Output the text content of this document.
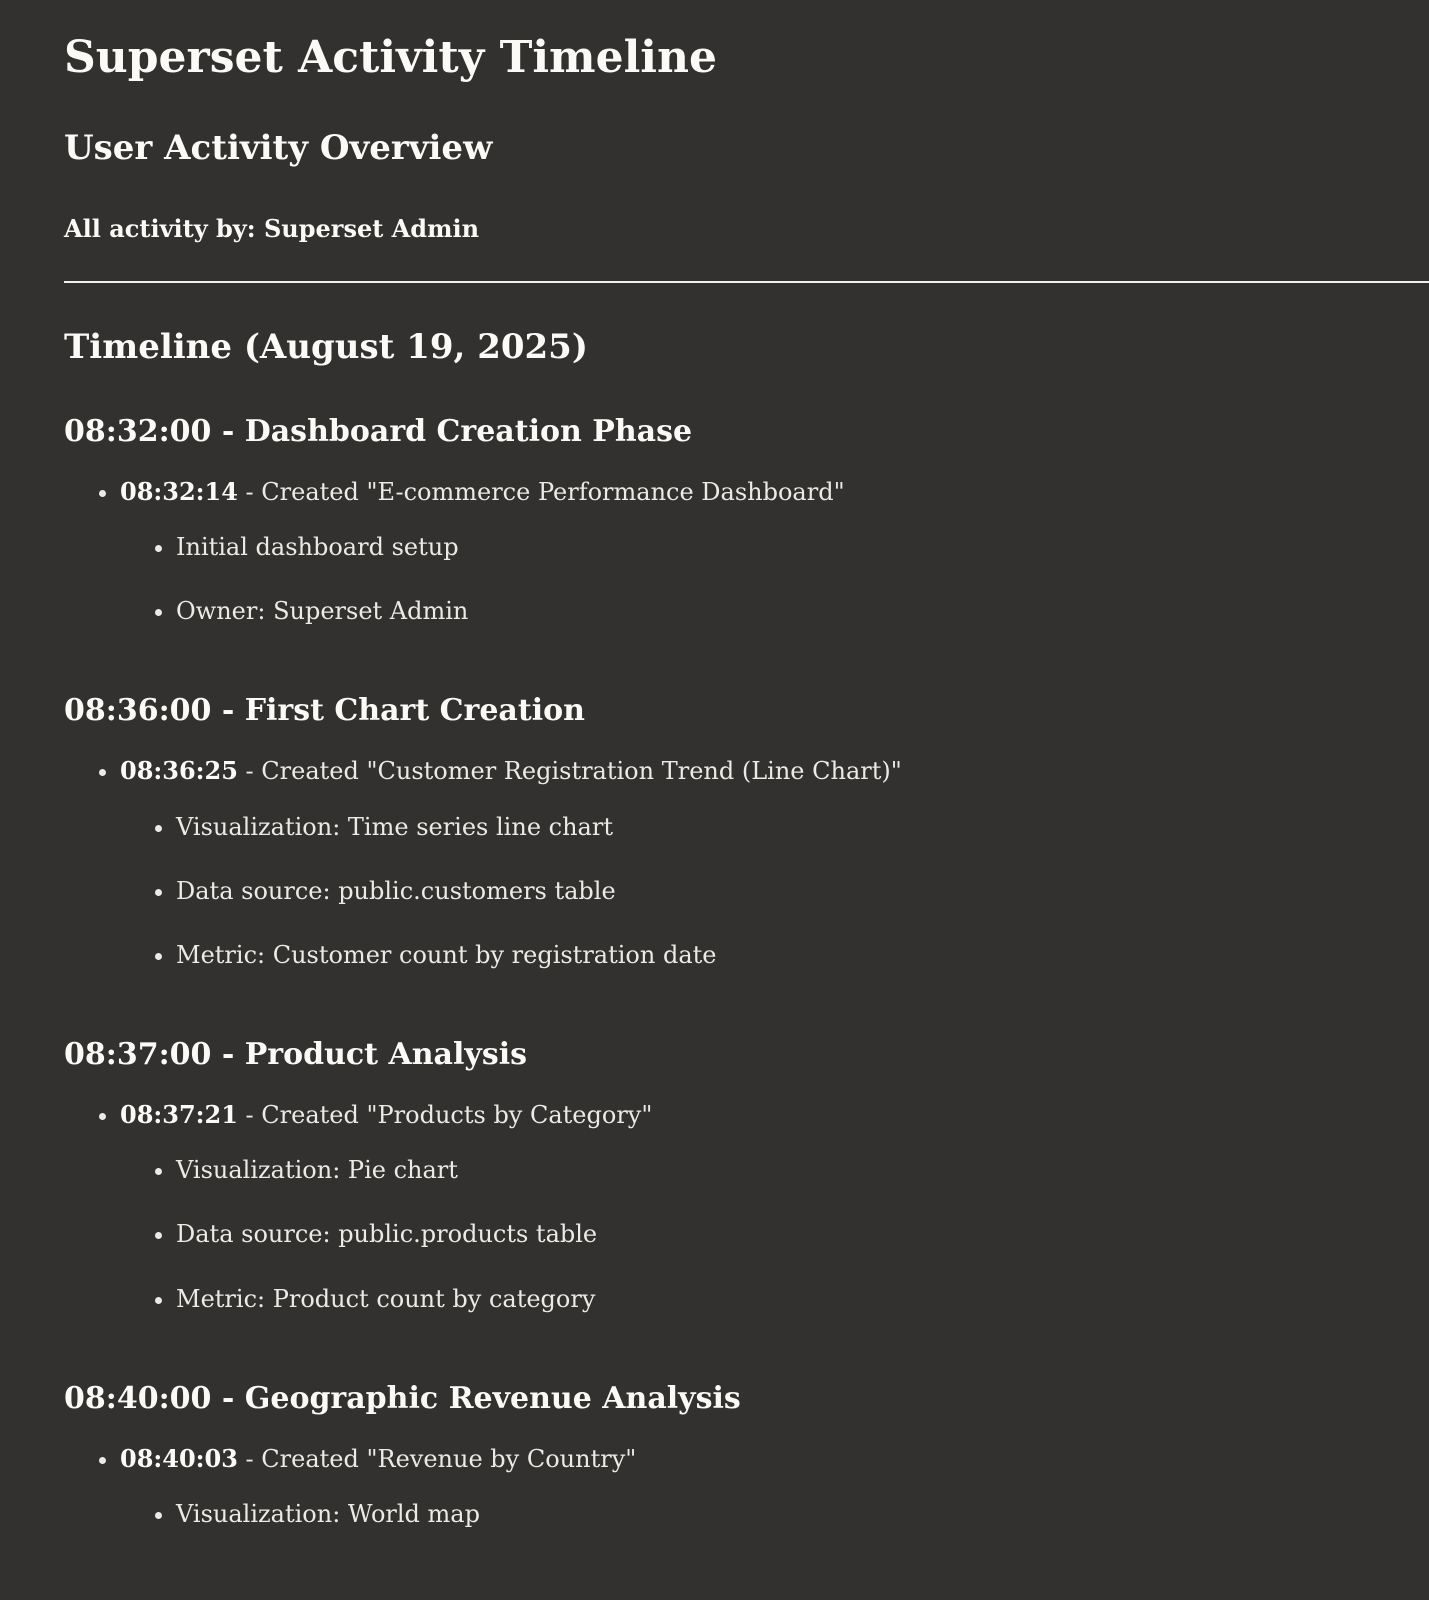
Superset Activity Timeline
User Activity Overview

All activity by: Superset Admin

Timeline (August 19, 2025)
08:32:00 - Dashboard Creation Phase
• 08:32:14 - Created "E-commerce Performance Dashboard"
• Initial dashboard setup
• Owner: Superset Admin
08:36:00 - First Chart Creation
• 08:36:25 - Created "Customer Registration Trend (Line Chart)"
• Visualization: Time series line chart
• Data source: public.customers table
• Metric: Customer count by registration date
08:37:00 - Product Analysis
• 08:37:21 - Created "Products by Category"
• Visualization: Pie chart
• Data source: public.products table
• Metric: Product count by category
08:40:00 - Geographic Revenue Analysis
• 08:40:03 - Created "Revenue by Country"
• Visualization: World map
